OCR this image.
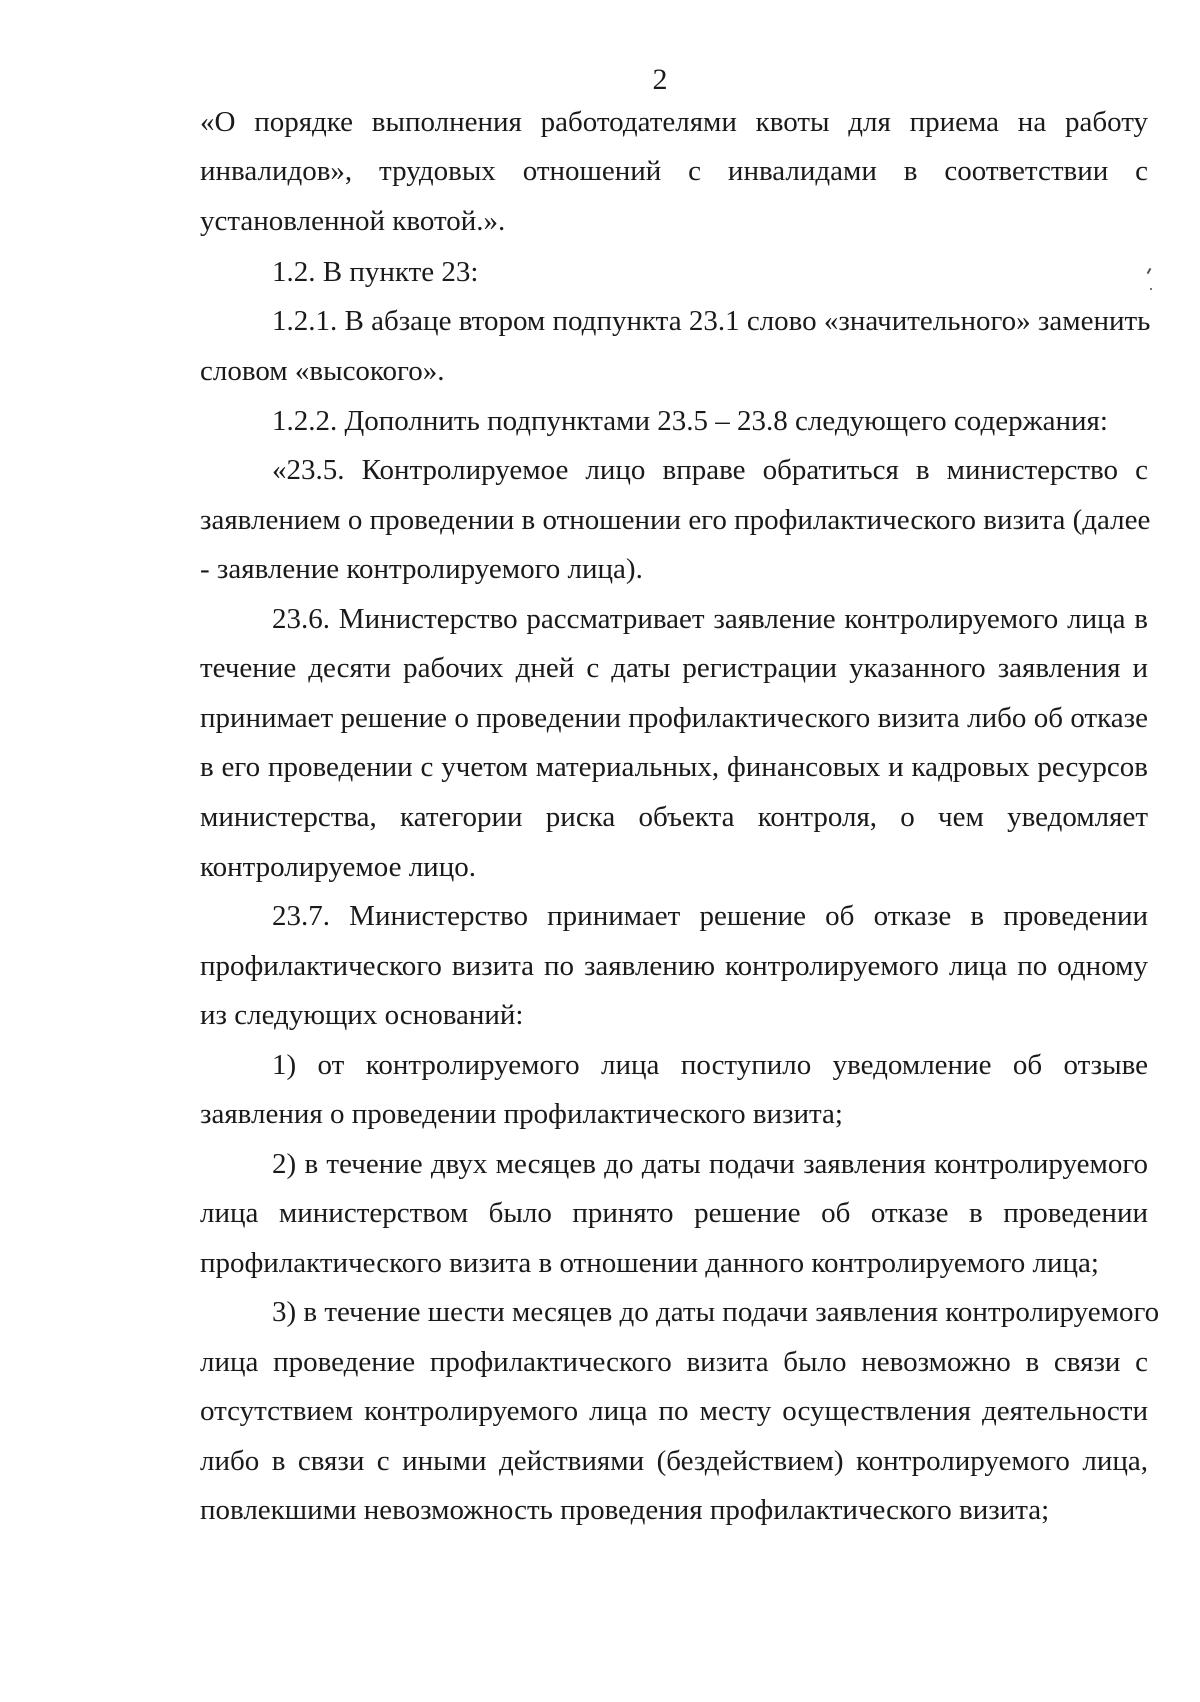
2
«О порядке выполнения работодателями квоты для приема на работу
инвалидов», трудовых отношений с инвалидами в соответствии с
установленной квотой.».
1.2. В пункте 23:
1.2.1. В абзаце втором подпункта 23.1 слово «значительного» заменить
словом «высокого».
1.2.2. Дополнить подпунктами 23.5 – 23.8 следующего содержания:
«23.5. Контролируемое лицо вправе обратиться в министерство с
заявлением о проведении в отношении его профилактического визита (далее
- заявление контролируемого лица).
23.6. Министерство рассматривает заявление контролируемого лица в
течение десяти рабочих дней с даты регистрации указанного заявления и
принимает решение о проведении профилактического визита либо об отказе
в его проведении с учетом материальных, финансовых и кадровых ресурсов
министерства, категории риска объекта контроля, о чем уведомляет
контролируемое лицо.
23.7. Министерство принимает решение об отказе в проведении
профилактического визита по заявлению контролируемого лица по одному
из следующих оснований:
1) от контролируемого лица поступило уведомление об отзыве
заявления о проведении профилактического визита;
2) в течение двух месяцев до даты подачи заявления контролируемого
лица министерством было принято решение об отказе в проведении
профилактического визита в отношении данного контролируемого лица;
3) в течение шести месяцев до даты подачи заявления контролируемого
лица проведение профилактического визита было невозможно в связи с
отсутствием контролируемого лица по месту осуществления деятельности
либо в связи с иными действиями (бездействием) контролируемого лица,
повлекшими невозможность проведения профилактического визита;
